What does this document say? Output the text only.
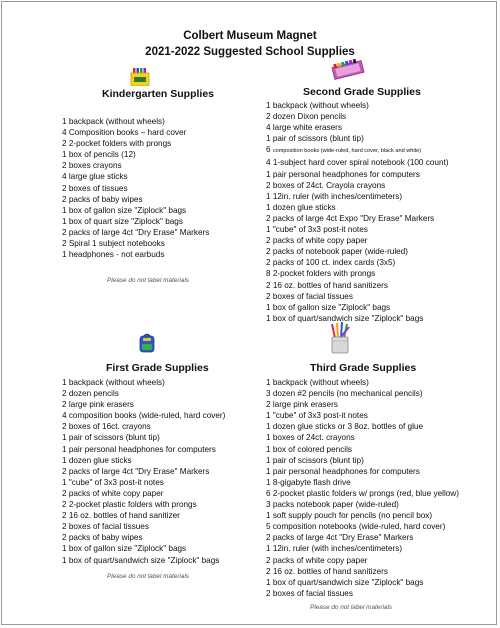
Colbert Museum Magnet
2021-2022 Suggested School Supplies
Kindergarten Supplies
1 backpack (without wheels)
4 Composition books – hard cover
2 2-pocket folders with prongs
1 box of pencils (12)
2 boxes crayons
4 large glue sticks
2 boxes of tissues
2 packs of baby wipes
1 box of gallon size "Ziplock" bags
1 box of quart size "Ziplock" bags
2 packs of large 4ct "Dry Erase" Markers
2 Spiral 1 subject notebooks
1 headphones - not earbuds
Please do not label materials
Second Grade Supplies
1 backpack (without wheels)
2 dozen Dixon pencils
4 large white erasers
1 pair of scissors (blunt tip)
6 composition books (wide-ruled, hard cover, black and white)
4 1-subject hard cover spiral notebook (100 count)
1 pair personal headphones for computers
2 boxes of 24ct. Crayola crayons
1 12in. ruler (with inches/centimeters)
1 dozen glue sticks
2 packs of large 4ct Expo "Dry Erase" Markers
1 "cube" of 3x3 post-it notes
2 packs of white copy paper
2 packs of notebook paper (wide-ruled)
2 packs of 100 ct. index cards (3x5)
8 2-pocket folders with prongs
2 16 oz. bottles of hand sanitizers
2 boxes of facial tissues
1 box of gallon size "Ziplock" bags
1 box of quart/sandwich size "Ziplock" bags
First Grade Supplies
1 backpack (without wheels)
2 dozen pencils
2 large pink erasers
4 composition books (wide-ruled, hard cover)
2 boxes of 16ct. crayons
1 pair of scissors (blunt tip)
1 pair personal headphones for computers
1 dozen glue sticks
2 packs of large 4ct "Dry Erase" Markers
1 "cube" of 3x3 post-it notes
2 packs of white copy paper
2 2-pocket plastic folders with prongs
2 16 oz. bottles of hand sanitizer
2 boxes of facial tissues
2 packs of baby wipes
1 box of gallon size "Ziplock" bags
1 box of quart/sandwich size "Ziplock" bags
Please do not label materials
Third Grade Supplies
1 backpack (without wheels)
3 dozen #2 pencils (no mechanical pencils)
2 large pink erasers
1 "cube" of 3x3 post-it notes
1 dozen glue sticks or 3 8oz. bottles of glue
1 boxes of 24ct. crayons
1 box of colored pencils
1 pair of scissors (blunt tip)
1 pair personal headphones for computers
1 8-gigabyte flash drive
6 2-pocket plastic folders w/ prongs (red, blue yellow)
3 packs notebook paper (wide-ruled)
1 soft supply pouch for pencils (no pencil box)
5 composition notebooks (wide-ruled, hard cover)
2 packs of large 4ct "Dry Erase" Markers
1 12in. ruler (with inches/centimeters)
2 packs of white copy paper
2 16 oz. bottles of hand sanitizers
1 box of quart/sandwich size "Ziplock" bags
2 boxes of facial tissues
Please do not label materials
